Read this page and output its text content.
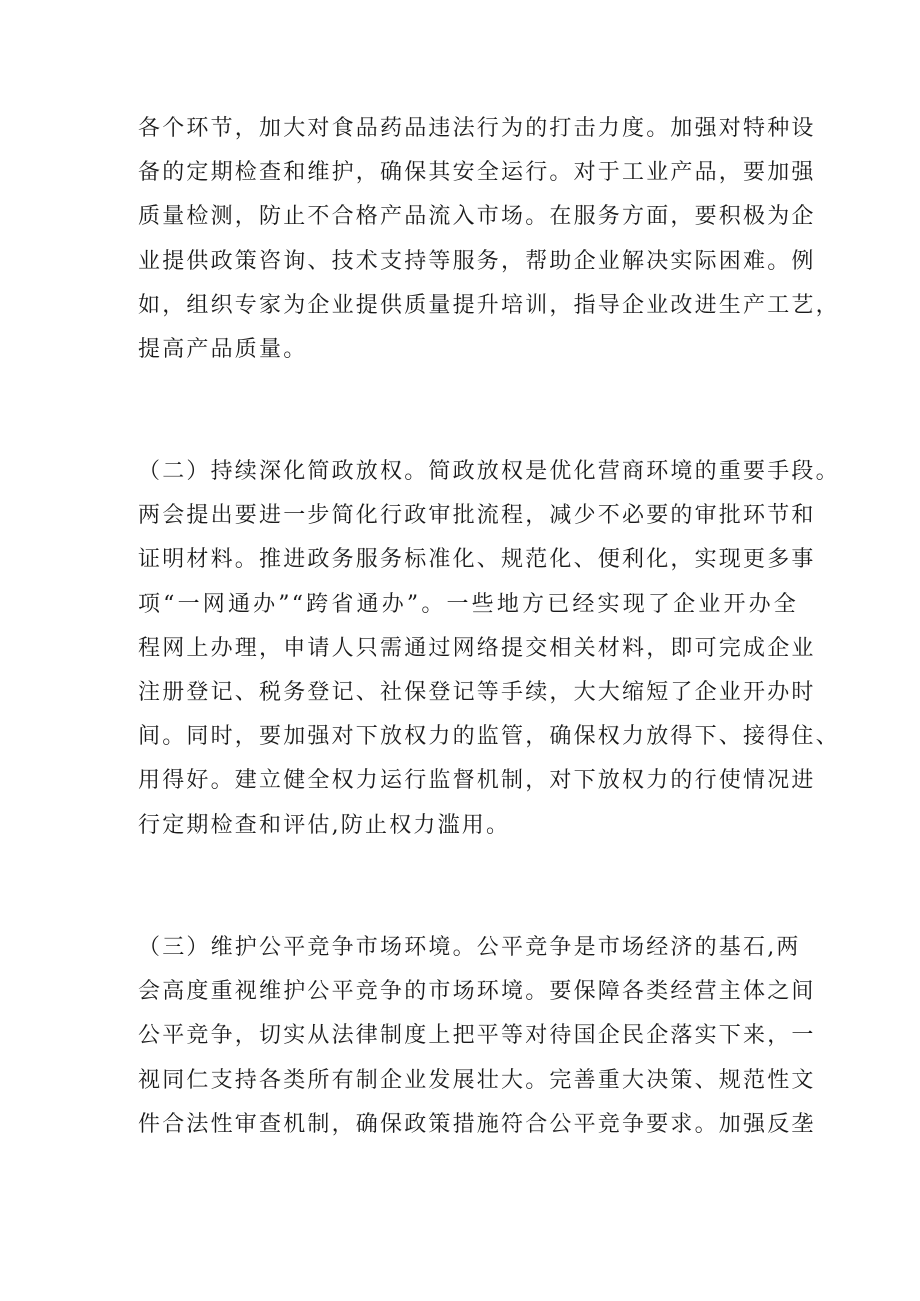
各个环节，加大对食品药品违法行为的打击力度。加强对特种设
备的定期检查和维护，确保其安全运行。对于工业产品，要加强
质量检测，防止不合格产品流入市场。在服务方面，要积极为企
业提供政策咨询、技术支持等服务，帮助企业解决实际困难。例
如，组织专家为企业提供质量提升培训，指导企业改进生产工艺，
提高产品质量。
（二）持续深化简政放权。简政放权是优化营商环境的重要手段。
两会提出要进一步简化行政审批流程，减少不必要的审批环节和
证明材料。推进政务服务标准化、规范化、便利化，实现更多事
项“一网通办”“跨省通办”。一些地方已经实现了企业开办全
程网上办理，申请人只需通过网络提交相关材料，即可完成企业
注册登记、税务登记、社保登记等手续，大大缩短了企业开办时
间。同时，要加强对下放权力的监管，确保权力放得下、接得住、
用得好。建立健全权力运行监督机制，对下放权力的行使情况进
行定期检查和评估,防止权力滥用。
（三）维护公平竞争市场环境。公平竞争是市场经济的基石,两
会高度重视维护公平竞争的市场环境。要保障各类经营主体之间
公平竞争，切实从法律制度上把平等对待国企民企落实下来，一
视同仁支持各类所有制企业发展壮大。完善重大决策、规范性文
件合法性审查机制，确保政策措施符合公平竞争要求。加强反垄
